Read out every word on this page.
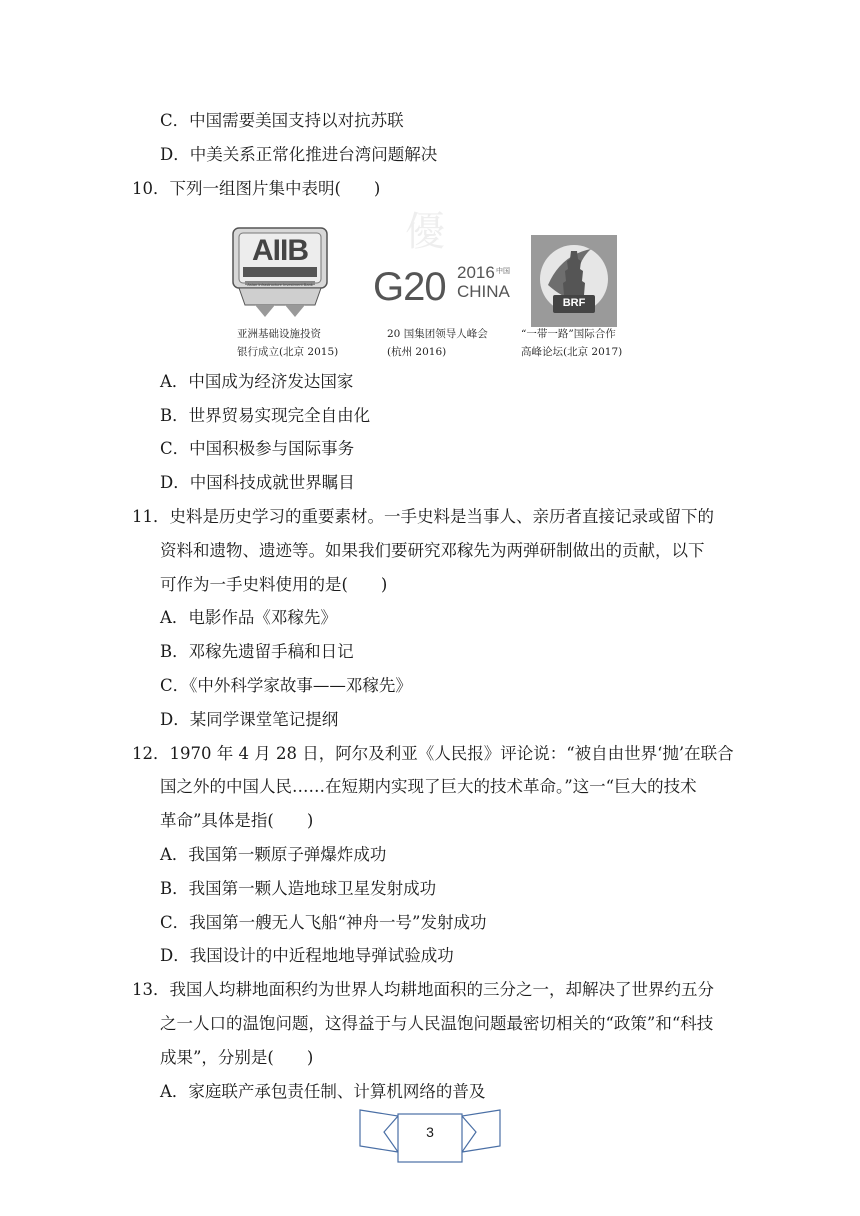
C．中国需要美国支持以对抗苏联
D．中美关系正常化推进台湾问题解决
10．下列一组图片集中表明(　　)
優
AIIB
Asian Infrastructure Investment Bank G20 2016 中国
CHINA
BRF
亚洲基础设施投资
银行成立(北京 2015)
20 国集团领导人峰会
(杭州 2016)
“一带一路”国际合作
高峰论坛(北京 2017)
A．中国成为经济发达国家
B．世界贸易实现完全自由化
C．中国积极参与国际事务
D．中国科技成就世界瞩目
11．史料是历史学习的重要素材。一手史料是当事人、亲历者直接记录或留下的
资料和遗物、遗迹等。如果我们要研究邓稼先为两弹研制做出的贡献，以下
可作为一手史料使用的是(　　)
A．电影作品《邓稼先》
B．邓稼先遗留手稿和日记
C．《中外科学家故事——邓稼先》
D．某同学课堂笔记提纲
12．1970 年 4 月 28 日，阿尔及利亚《人民报》评论说：“被自由世界‘抛’在联合
国之外的中国人民……在短期内实现了巨大的技术革命。”这一“巨大的技术
革命”具体是指(　　)
A．我国第一颗原子弹爆炸成功
B．我国第一颗人造地球卫星发射成功
C．我国第一艘无人飞船“神舟一号”发射成功
D．我国设计的中近程地地导弹试验成功
13．我国人均耕地面积约为世界人均耕地面积的三分之一，却解决了世界约五分
之一人口的温饱问题，这得益于与人民温饱问题最密切相关的“政策”和“科技
成果”，分别是(　　)
A．家庭联产承包责任制、计算机网络的普及
3
